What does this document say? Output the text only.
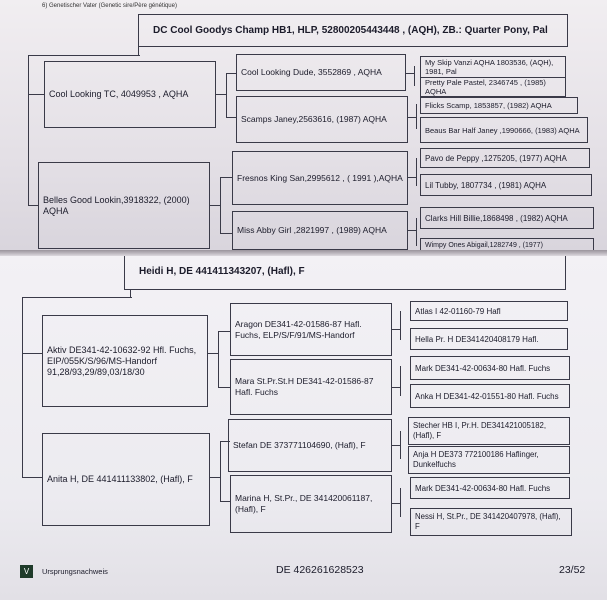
6) Genetischer Vater (Genetic sire/Père génétique)
DC Cool Goodys Champ HB1, HLP, 52800205443448 , (AQH), ZB.: Quarter Pony, Pal
Cool Looking TC, 4049953 , AQHA
Belles Good Lookin,3918322, (2000) AQHA
Cool Looking Dude, 3552869 , AQHA
Scamps Janey,2563616, (1987) AQHA
Fresnos King San,2995612 , ( 1991 ),AQHA
Miss Abby Girl ,2821997 , (1989) AQHA
My Skip Vanzi AQHA 1803536, (AQH), 1981, Pal
Pretty Pale Pastel, 2346745 , (1985) AQHA
Flicks Scamp, 1853857, (1982) AQHA
Beaus Bar Half Janey ,1990666, (1983) AQHA
Pavo de Peppy ,1275205, (1977) AQHA
Lil Tubby, 1807734 , (1981) AQHA
Clarks Hill Billie,1868498 , (1982) AQHA
Wimpy Ones Abigail,1282749 , (1977)
Heidi H, DE 441411343207, (Hafl), F
Aktiv DE341-42-10632-92 Hfl. Fuchs, EIP/055K/S/96/MS-Handorf 91,28/93,29/89,03/18/30
Anita H, DE 441411133802, (Hafl), F
Aragon DE341-42-01586-87 Hafl. Fuchs, ELP/S/F/91/MS-Handorf
Mara St.Pr.St.H DE341-42-01586-87 Hafl. Fuchs
Stefan DE 373771104690, (Hafl), F
Marina H, St.Pr., DE 341420061187, (Hafl), F
Atlas I 42-01160-79 Hafl
Hella Pr. H DE341420408179 Hafl.
Mark DE341-42-00634-80 Hafl. Fuchs
Anka H DE341-42-01551-80 Hafl. Fuchs
Stecher HB I, Pr.H. DE341421005182, (Hafl), F
Anja H DE373 772100186 Haflinger, Dunkelfuchs
Mark DE341-42-00634-80 Hafl. Fuchs
Nessi H, St.Pr., DE 341420407978, (Hafl), F
V	Ursprungsnachweis	DE 426261628523	23/52
